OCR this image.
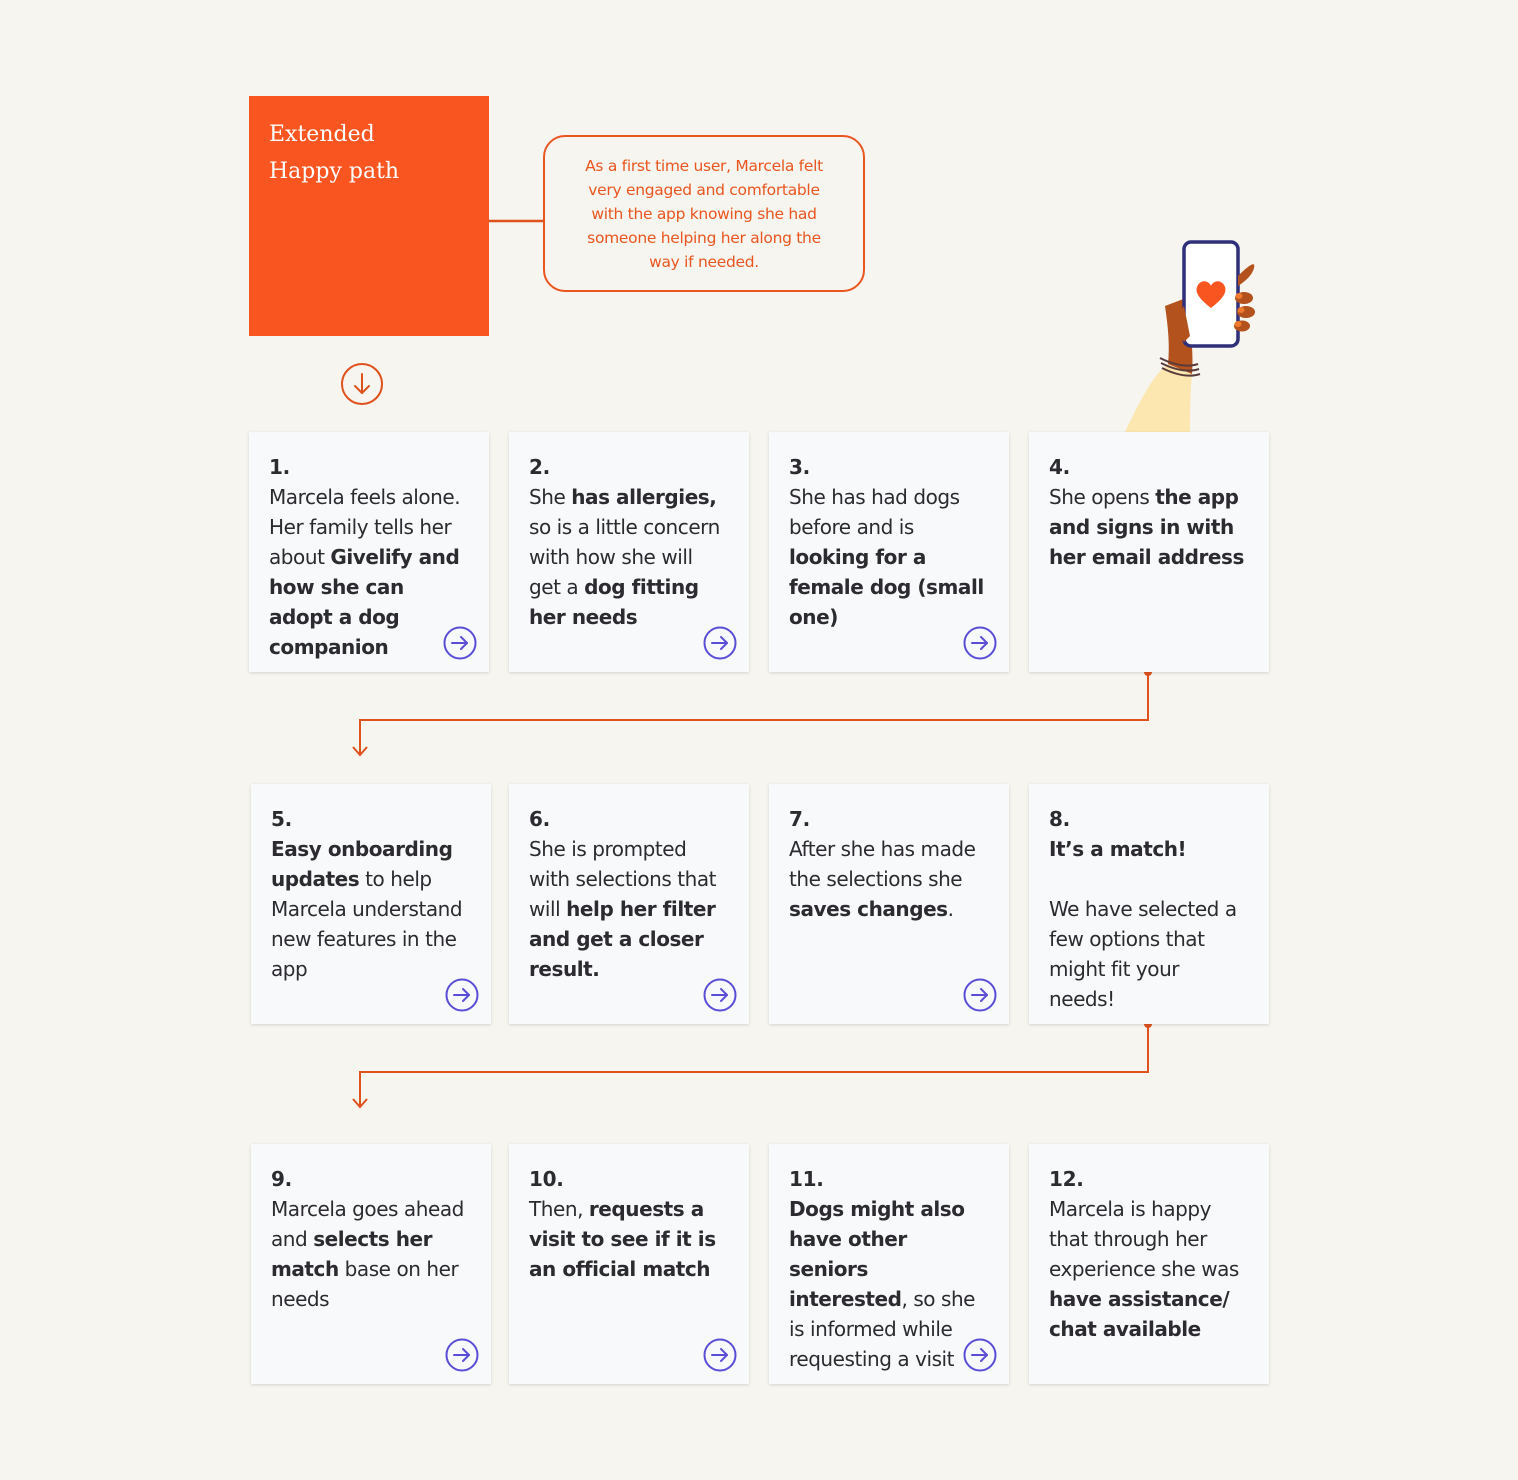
Extended
Happy path	As a first time user, Marcela felt very engaged and comfortable with the app knowing she had someone helping her along the way if needed.
1.
Marcela feels alone. Her family tells her about Givelify and how she can adopt a dog companion
2.
She has allergies, so is a little concern with how she will get a dog fitting her needs
3.
She has had dogs before and is looking for a female dog (small one)
4.
She opens the app and signs in with her email address
5.
Easy onboarding updates to help Marcela understand new features in the app
6.
She is prompted with selections that will help her filter and get a closer result.
7.
After she has made the selections she saves changes.
8.
It’s a match!

We have selected a few options that might fit your needs!
9.
Marcela goes ahead and selects her match base on her needs
10.
Then, requests a visit to see if it is an official match
11.
Dogs might also have other seniors interested, so she is informed while requesting a visit
12.
Marcela is happy that through her experience she was have assistance/ chat available
